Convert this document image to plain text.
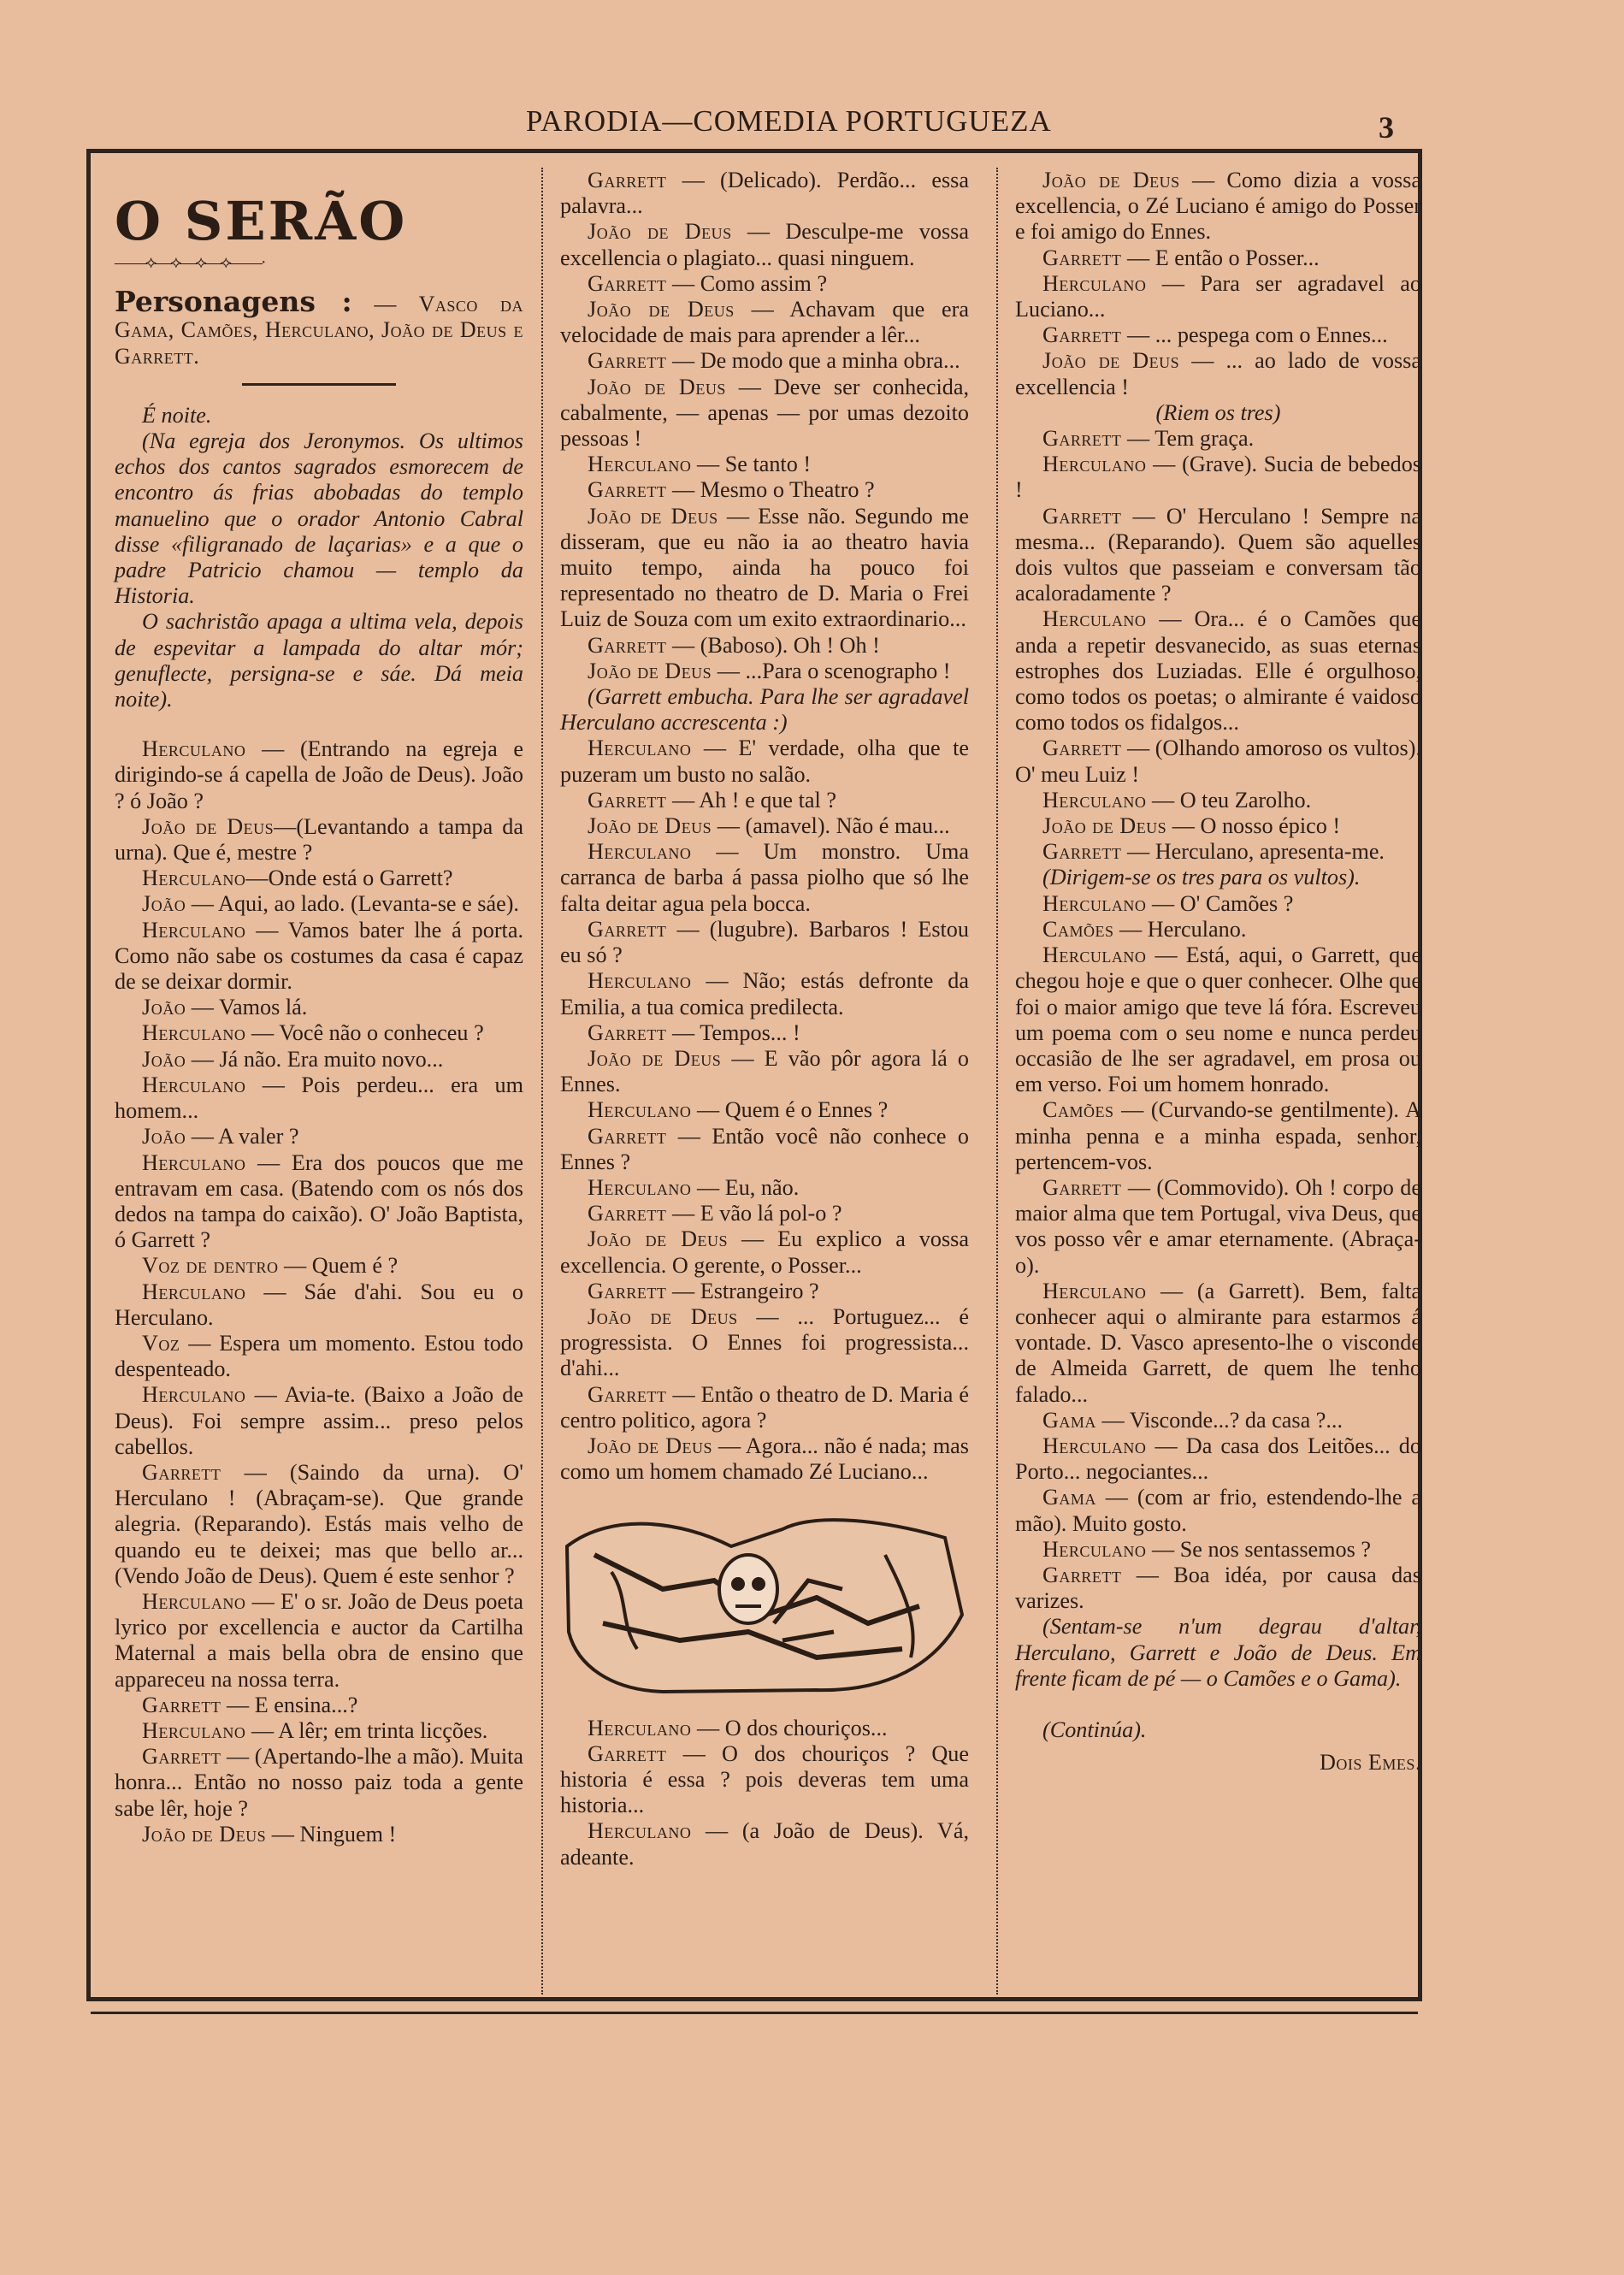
PARODIA—COMEDIA PORTUGUEZA	3
O SERÃO
——⟡—⟡—⟡—⟡——·

Personagens : — Vasco da Gama, Camões, Herculano, João de Deus e Garrett.

É noite.

(Na egreja dos Jeronymos. Os ultimos echos dos cantos sagrados esmorecem de encontro ás frias abobadas do templo manuelino que o orador Antonio Cabral disse «filigranado de laçarias» e a que o padre Patricio chamou — templo da Historia.

O sachristão apaga a ultima vela, depois de espevitar a lampada do altar mór; genuflecte, persigna-se e sáe. Dá meia noite).

Herculano — (Entrando na egreja e dirigindo-se á capella de João de Deus). João ? ó João ?

João de Deus—(Levantando a tampa da urna). Que é, mestre ?

Herculano—Onde está o Garrett?

João — Aqui, ao lado. (Levanta-se e sáe).

Herculano — Vamos bater lhe á porta. Como não sabe os costumes da casa é capaz de se deixar dormir.

João — Vamos lá.

Herculano — Você não o conheceu ?

João — Já não. Era muito novo...

Herculano — Pois perdeu... era um homem...

João — A valer ?

Herculano — Era dos poucos que me entravam em casa. (Batendo com os nós dos dedos na tampa do caixão). O' João Baptista, ó Garrett ?

Voz de dentro — Quem é ?

Herculano — Sáe d'ahi. Sou eu o Herculano.

Voz — Espera um momento. Estou todo despenteado.

Herculano — Avia-te. (Baixo a João de Deus). Foi sempre assim... preso pelos cabellos.

Garrett — (Saindo da urna). O' Herculano ! (Abraçam-se). Que grande alegria. (Reparando). Estás mais velho de quando eu te deixei; mas que bello ar... (Vendo João de Deus). Quem é este senhor ?

Herculano — E' o sr. João de Deus poeta lyrico por excellencia e auctor da Cartilha Maternal a mais bella obra de ensino que appareceu na nossa terra.

Garrett — E ensina...?

Herculano — A lêr; em trinta licções.

Garrett — (Apertando-lhe a mão). Muita honra... Então no nosso paiz toda a gente sabe lêr, hoje ?

João de Deus — Ninguem !

Garrett — (Delicado). Perdão... essa palavra...

João de Deus — Desculpe-me vossa excellencia o plagiato... quasi ninguem.

Garrett — Como assim ?

João de Deus — Achavam que era velocidade de mais para aprender a lêr...

Garrett — De modo que a minha obra...

João de Deus — Deve ser conhecida, cabalmente, — apenas — por umas dezoito pessoas !

Herculano — Se tanto !

Garrett — Mesmo o Theatro ?

João de Deus — Esse não. Segundo me disseram, que eu não ia ao theatro havia muito tempo, ainda ha pouco foi representado no theatro de D. Maria o Frei Luiz de Souza com um exito extraordinario...

Garrett — (Baboso). Oh ! Oh !

João de Deus — ...Para o scenographo !

(Garrett embucha. Para lhe ser agradavel Herculano accrescenta :)

Herculano — E' verdade, olha que te puzeram um busto no salão.

Garrett — Ah ! e que tal ?

João de Deus — (amavel). Não é mau...

Herculano — Um monstro. Uma carranca de barba á passa piolho que só lhe falta deitar agua pela bocca.

Garrett — (lugubre). Barbaros ! Estou eu só ?

Herculano — Não; estás defronte da Emilia, a tua comica predilecta.

Garrett — Tempos... !

João de Deus — E vão pôr agora lá o Ennes.

Herculano — Quem é o Ennes ?

Garrett — Então você não conhece o Ennes ?

Herculano — Eu, não.

Garrett — E vão lá pol-o ?

João de Deus — Eu explico a vossa excellencia. O gerente, o Posser...

Garrett — Estrangeiro ?

João de Deus — ... Portuguez... é progressista. O Ennes foi progressista... d'ahi...

Garrett — Então o theatro de D. Maria é centro politico, agora ?

João de Deus — Agora... não é nada; mas como um homem chamado Zé Luciano...

Herculano — O dos chouriços...

Garrett — O dos chouriços ? Que historia é essa ? pois deveras tem uma historia...

Herculano — (a João de Deus). Vá, adeante.

João de Deus — Como dizia a vossa excellencia, o Zé Luciano é amigo do Posser e foi amigo do Ennes.

Garrett — E então o Posser...

Herculano — Para ser agradavel ao Luciano...

Garrett — ... pespega com o Ennes...

João de Deus — ... ao lado de vossa excellencia !

(Riem os tres)

Garrett — Tem graça.

Herculano — (Grave). Sucia de bebedos !

Garrett — O' Herculano ! Sempre na mesma... (Reparando). Quem são aquelles dois vultos que passeiam e conversam tão acaloradamente ?

Herculano — Ora... é o Camões que anda a repetir desvanecido, as suas eternas estrophes dos Luziadas. Elle é orgulhoso, como todos os poetas; o almirante é vaidoso como todos os fidalgos...

Garrett — (Olhando amoroso os vultos). O' meu Luiz !

Herculano — O teu Zarolho.

João de Deus — O nosso épico !

Garrett — Herculano, apresenta-me.

(Dirigem-se os tres para os vultos).

Herculano — O' Camões ?

Camões — Herculano.

Herculano — Está, aqui, o Garrett, que chegou hoje e que o quer conhecer. Olhe que foi o maior amigo que teve lá fóra. Escreveu um poema com o seu nome e nunca perdeu occasião de lhe ser agradavel, em prosa ou em verso. Foi um homem honrado.

Camões — (Curvando-se gentilmente). A minha penna e a minha espada, senhor, pertencem-vos.

Garrett — (Commovido). Oh ! corpo de maior alma que tem Portugal, viva Deus, que vos posso vêr e amar eternamente. (Abraça-o).

Herculano — (a Garrett). Bem, falta conhecer aqui o almirante para estarmos á vontade. D. Vasco apresento-lhe o visconde de Almeida Garrett, de quem lhe tenho falado...

Gama — Visconde...? da casa ?...

Herculano — Da casa dos Leitões... do Porto... negociantes...

Gama — (com ar frio, estendendo-lhe a mão). Muito gosto.

Herculano — Se nos sentassemos ?

Garrett — Boa idéa, por causa das varizes.

(Sentam-se n'um degrau d'altar, Herculano, Garrett e João de Deus. Em frente ficam de pé — o Camões e o Gama).

(Continúa).

Dois Emes.
